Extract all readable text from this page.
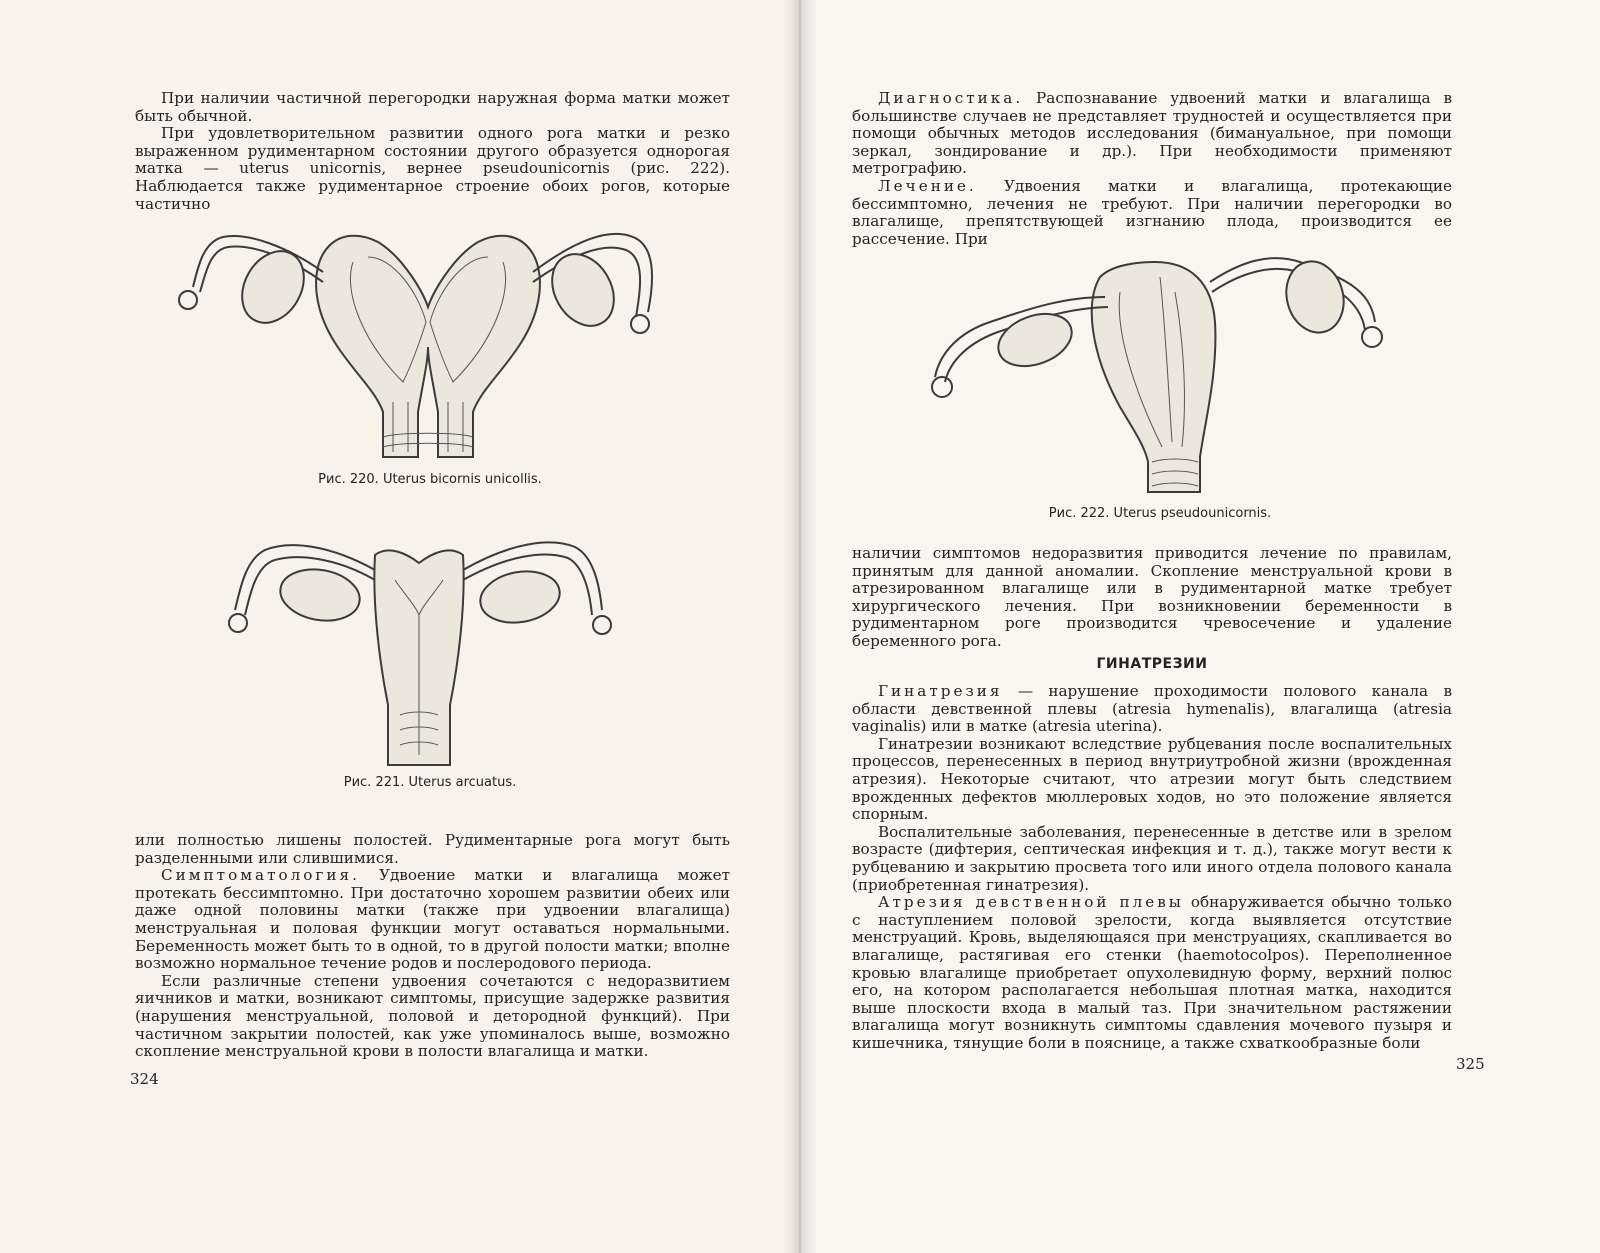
При наличии частичной перегородки наружная форма матки может быть обычной.

При удовлетворительном развитии одного рога матки и резко выраженном рудиментарном состоянии другого образуется однорогая матка — uterus unicornis, вернее pseudounicornis (рис. 222). Наблюдается также рудиментарное строение обоих рогов, которые частично

Рис. 220. Uterus bicornis unicollis.
Рис. 221. Uterus arcuatus.

или полностью лишены полостей. Рудиментарные рога могут быть разделенными или слившимися.

Симптоматология. Удвоение матки и влагалища может протекать бессимптомно. При достаточно хорошем развитии обеих или даже одной половины матки (также при удвоении влагалища) менструальная и половая функции могут оставаться нормальными. Беременность может быть то в одной, то в другой полости матки; вполне возможно нормальное течение родов и послеродового периода.

Если различные степени удвоения сочетаются с недоразвитием яичников и матки, возникают симптомы, присущие задержке развития (нарушения менструальной, половой и детородной функций). При частичном закрытии полостей, как уже упоминалось выше, возможно скопление менструальной крови в полости влагалища и матки.

324

Диагностика. Распознавание удвоений матки и влагалища в большинстве случаев не представляет трудностей и осуществляется при помощи обычных методов исследования (бимануальное, при помощи зеркал, зондирование и др.). При необходимости применяют метрографию.

Лечение. Удвоения матки и влагалища, протекающие бессимптомно, лечения не требуют. При наличии перегородки во влагалище, препятствующей изгнанию плода, производится ее рассечение. При

Рис. 222. Uterus pseudounicornis.

наличии симптомов недоразвития приводится лечение по правилам, принятым для данной аномалии. Скопление менструальной крови в атрезированном влагалище или в рудиментарной матке требует хирургического лечения. При возникновении беременности в рудиментарном роге производится чревосечение и удаление беременного рога.

ГИНАТРЕЗИИ

Гинатрезия — нарушение проходимости полового канала в области девственной плевы (atresia hymenalis), влагалища (atresia vaginalis) или в матке (atresia uterina).

Гинатрезии возникают вследствие рубцевания после воспалительных процессов, перенесенных в период внутриутробной жизни (врожденная атрезия). Некоторые считают, что атрезии могут быть следствием врожденных дефектов мюллеровых ходов, но это положение является спорным.

Воспалительные заболевания, перенесенные в детстве или в зрелом возрасте (дифтерия, септическая инфекция и т. д.), также могут вести к рубцеванию и закрытию просвета того или иного отдела полового канала (приобретенная гинатрезия).

Атрезия девственной плевы обнаруживается обычно только с наступлением половой зрелости, когда выявляется отсутствие менструаций. Кровь, выделяющаяся при менструациях, скапливается во влагалище, растягивая его стенки (haemotocolpos). Переполненное кровью влагалище приобретает опухолевидную форму, верхний полюс его, на котором располагается небольшая плотная матка, находится выше плоскости входа в малый таз. При значительном растяжении влагалища могут возникнуть симптомы сдавления мочевого пузыря и кишечника, тянущие боли в пояснице, а также схваткообразные боли

325
